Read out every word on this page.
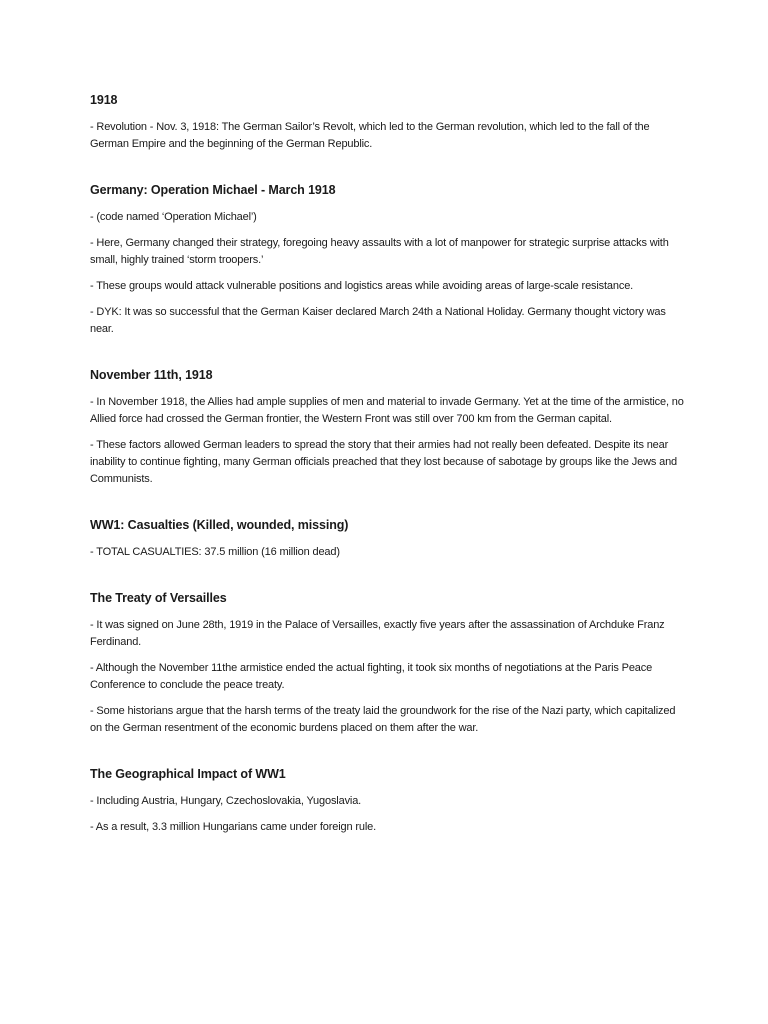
1918
- Revolution - Nov. 3, 1918: The German Sailor’s Revolt, which led to the German revolution, which led to the fall of the German Empire and the beginning of the German Republic.
Germany: Operation Michael - March 1918
- (code named ‘Operation Michael’)
- Here, Germany changed their strategy, foregoing heavy assaults with a lot of manpower for strategic surprise attacks with small, highly trained ‘storm troopers.’
- These groups would attack vulnerable positions and logistics areas while avoiding areas of large-scale resistance.
- DYK: It was so successful that the German Kaiser declared March 24th a National Holiday. Germany thought victory was near.
November 11th, 1918
- In November 1918, the Allies had ample supplies of men and material to invade Germany. Yet at the time of the armistice, no Allied force had crossed the German frontier, the Western Front was still over 700 km from the German capital.
- These factors allowed German leaders to spread the story that their armies had not really been defeated. Despite its near inability to continue fighting, many German officials preached that they lost because of sabotage by groups like the Jews and Communists.
WW1: Casualties (Killed, wounded, missing)
- TOTAL CASUALTIES: 37.5 million (16 million dead)
The Treaty of Versailles
- It was signed on June 28th, 1919 in the Palace of Versailles, exactly five years after the assassination of Archduke Franz Ferdinand.
- Although the November 11the armistice ended the actual fighting, it took six months of negotiations at the Paris Peace Conference to conclude the peace treaty.
- Some historians argue that the harsh terms of the treaty laid the groundwork for the rise of the Nazi party, which capitalized on the German resentment of the economic burdens placed on them after the war.
The Geographical Impact of WW1
- Including Austria, Hungary, Czechoslovakia, Yugoslavia.
- As a result, 3.3 million Hungarians came under foreign rule.
